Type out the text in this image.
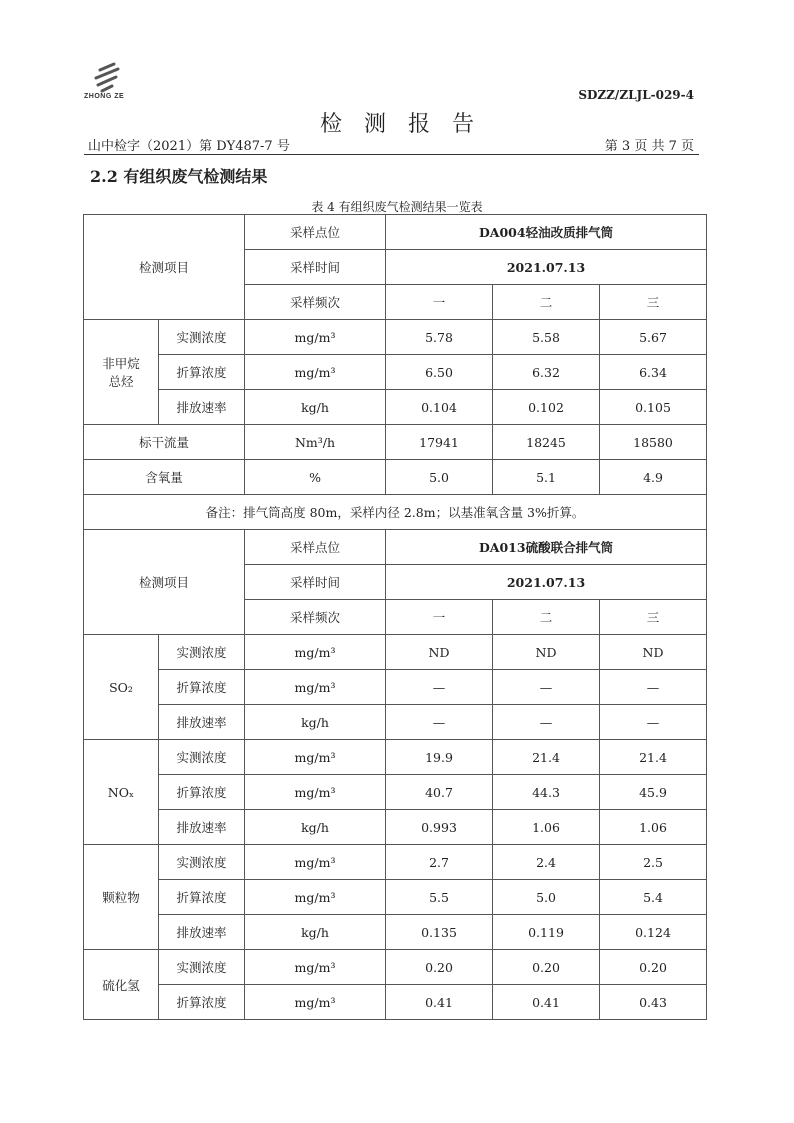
ZHONG ZE	SDZZ/ZLJL-029-4
检测报告
山中检字（2021）第 DY487-7 号	第 3 页 共 7 页
2.2 有组织废气检测结果
表 4 有组织废气检测结果一览表
检测项目		采样点位	DA004轻油改质排气筒		
		采样时间	2021.07.13		
		采样频次	一	二	三
非甲烷
总烃	实测浓度	mg/m³	5.78	5.58	5.67
	折算浓度	mg/m³	6.50	6.32	6.34
	排放速率	kg/h	0.104	0.102	0.105
标干流量		Nm³/h	17941	18245	18580
含氧量		%	5.0	5.1	4.9
备注：排气筒高度 80m，采样内径 2.8m；以基准氧含量 3%折算。					
检测项目		采样点位	DA013硫酸联合排气筒		
		采样时间	2021.07.13		
		采样频次	一	二	三
SO₂	实测浓度	mg/m³	ND	ND	ND
	折算浓度	mg/m³	—	—	—
	排放速率	kg/h	—	—	—
NOₓ	实测浓度	mg/m³	19.9	21.4	21.4
	折算浓度	mg/m³	40.7	44.3	45.9
	排放速率	kg/h	0.993	1.06	1.06
颗粒物	实测浓度	mg/m³	2.7	2.4	2.5
	折算浓度	mg/m³	5.5	5.0	5.4
	排放速率	kg/h	0.135	0.119	0.124
硫化氢	实测浓度	mg/m³	0.20	0.20	0.20
	折算浓度	mg/m³	0.41	0.41	0.43
